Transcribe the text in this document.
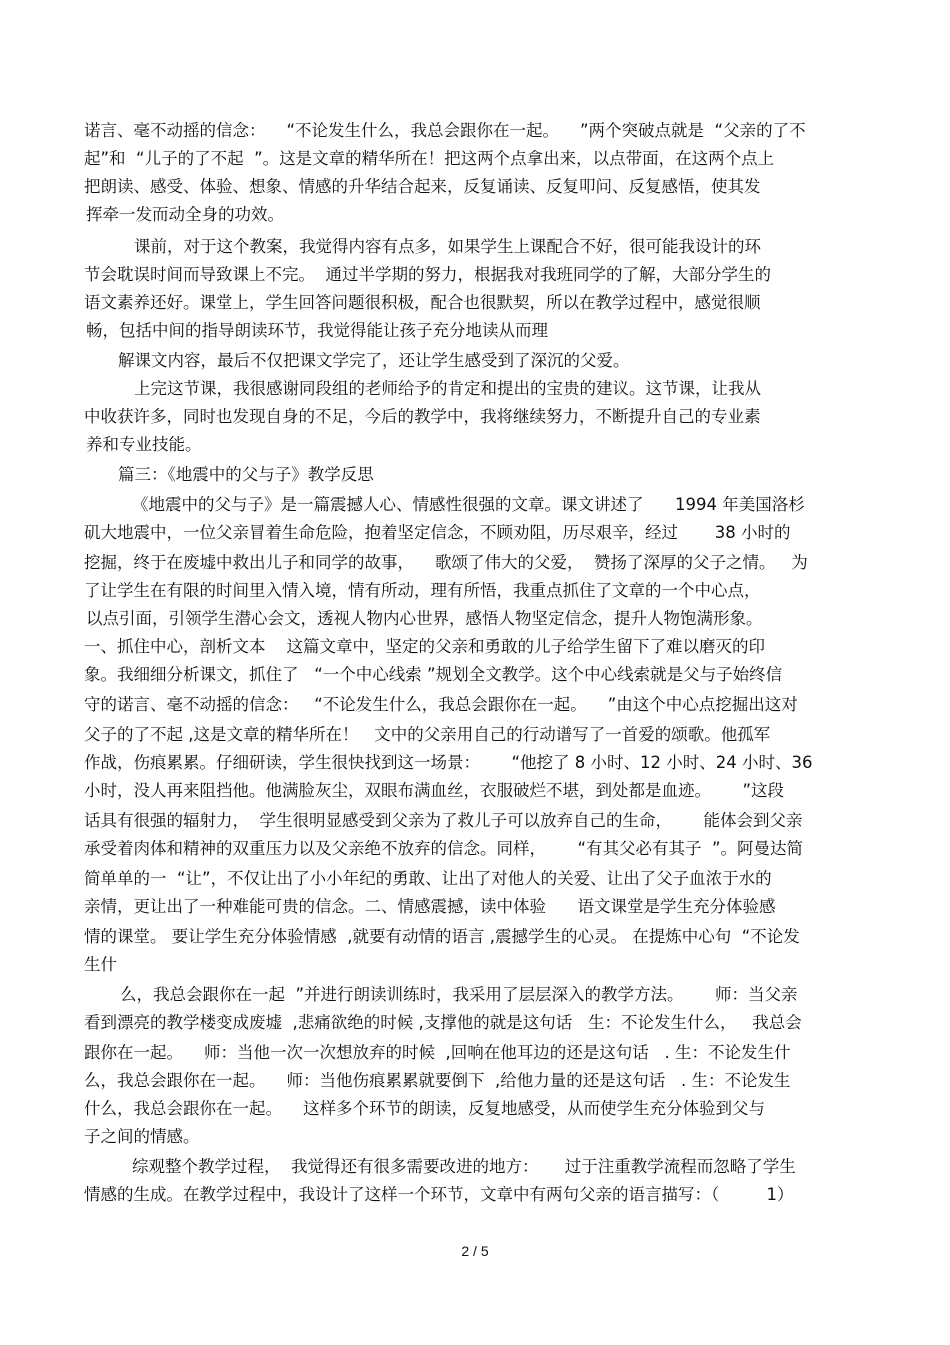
诺言、毫不动摇的信念：    “不论发生什么，我总会跟你在一起。    ”两个突破点就是  “父亲的了不
起”和  “儿子的了不起  ”。这是文章的精华所在！把这两个点拿出来，以点带面，在这两个点上
把朗读、感受、体验、想象、情感的升华结合起来，反复诵读、反复叩问、反复感悟，使其发
挥牵一发而动全身的功效。
课前，对于这个教案，我觉得内容有点多，如果学生上课配合不好，很可能我设计的环
节会耽误时间而导致课上不完。  通过半学期的努力，根据我对我班同学的了解，大部分学生的
语文素养还好。课堂上，学生回答问题很积极，配合也很默契，所以在教学过程中，感觉很顺
畅，包括中间的指导朗读环节，我觉得能让孩子充分地读从而理
解课文内容，最后不仅把课文学完了，还让学生感受到了深沉的父爱。
上完这节课，我很感谢同段组的老师给予的肯定和提出的宝贵的建议。这节课，让我从
中收获许多，同时也发现自身的不足，今后的教学中，我将继续努力，不断提升自己的专业素
养和专业技能。
篇三：《地震中的父与子》教学反思
《地震中的父与子》是一篇震撼人心、情感性很强的文章。课文讲述了      1994 年美国洛杉
矶大地震中，一位父亲冒着生命危险，抱着坚定信念，不顾劝阻，历尽艰辛，经过       38 小时的
挖掘，终于在废墟中救出儿子和同学的故事，    歌颂了伟大的父爱，  赞扬了深厚的父子之情。   为
了让学生在有限的时间里入情入境，情有所动，理有所悟，我重点抓住了文章的一个中心点，
以点引面，引领学生潜心会文，透视人物内心世界，感悟人物坚定信念，提升人物饱满形象。
一、抓住中心，剖析文本    这篇文章中，坚定的父亲和勇敢的儿子给学生留下了难以磨灭的印
象。我细细分析课文，抓住了   “一个中心线索 ”规划全文教学。这个中心线索就是父与子始终信
守的诺言、毫不动摇的信念：   “不论发生什么，我总会跟你在一起。    ”由这个中心点挖掘出这对
父子的了不起 ,这是文章的精华所在！   文中的父亲用自己的行动谱写了一首爱的颂歌。他孤军
作战，伤痕累累。仔细研读，学生很快找到这一场景：      “他挖了 8 小时、12 小时、24 小时、36
小时，没人再来阻挡他。他满脸灰尘，双眼布满血丝，衣服破烂不堪，到处都是血迹。      ”这段
话具有很强的辐射力，  学生很明显感受到父亲为了救儿子可以放弃自己的生命，      能体会到父亲
承受着肉体和精神的双重压力以及父亲绝不放弃的信念。同样，      “有其父必有其子  ”。阿曼达简
简单单的一  “让”，不仅让出了小小年纪的勇敢、让出了对他人的关爱、让出了父子血浓于水的
亲情，更让出了一种难能可贵的信念。二、情感震撼，读中体验      语文课堂是学生充分体验感
情的课堂。 要让学生充分体验情感  ,就要有动情的语言 ,震撼学生的心灵。 在提炼中心句  “不论发
生什
么，我总会跟你在一起  ”并进行朗读训练时，我采用了层层深入的教学方法。      师：当父亲
看到漂亮的教学楼变成废墟  ,悲痛欲绝的时候 ,支撑他的就是这句话   生：不论发生什么，   我总会
跟你在一起。    师：当他一次一次想放弃的时候  ,回响在他耳边的还是这句话   . 生：不论发生什
么，我总会跟你在一起。    师：当他伤痕累累就要倒下  ,给他力量的还是这句话   . 生：不论发生
什么，我总会跟你在一起。    这样多个环节的朗读，反复地感受，从而使学生充分体验到父与
子之间的情感。
综观整个教学过程，  我觉得还有很多需要改进的地方：     过于注重教学流程而忽略了学生
情感的生成。在教学过程中，我设计了这样一个环节，文章中有两句父亲的语言描写：（         1）
2 / 5
